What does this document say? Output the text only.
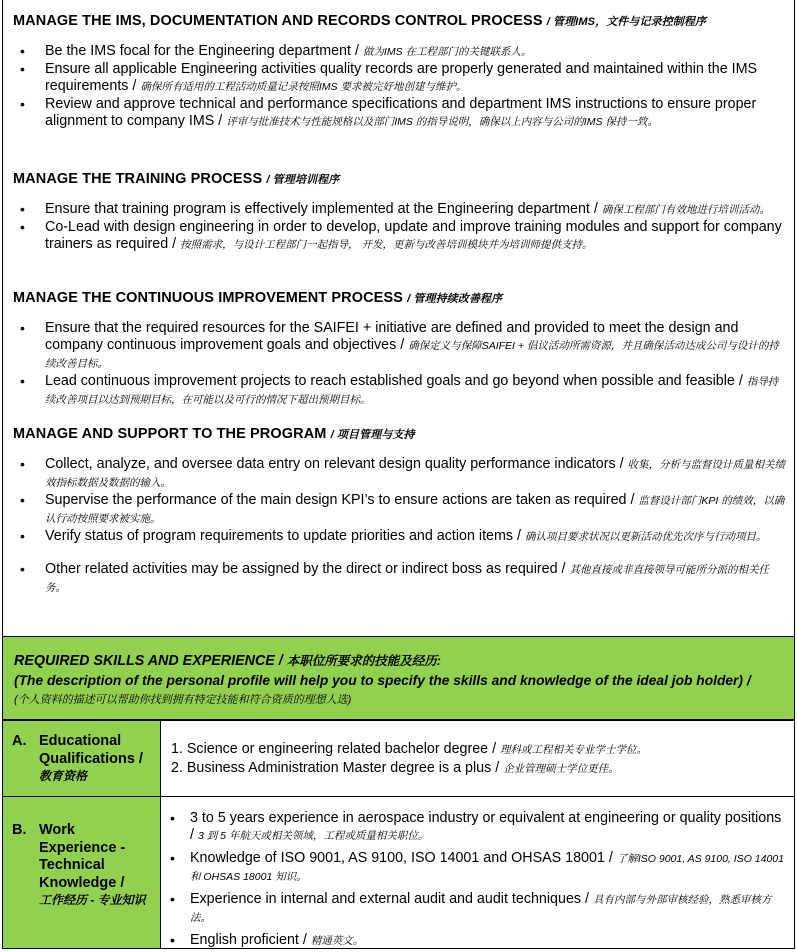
MANAGE THE IMS, DOCUMENTATION AND RECORDS CONTROL PROCESS / 管理IMS，文件与记录控制程序
• Be the IMS focal for the Engineering department / 做为IMS 在工程部门的关键联系人。
• Ensure all applicable Engineering activities quality records are properly generated and maintained within the IMS requirements / 确保所有适用的工程活动质量记录按照IMS 要求被完好地创建与维护。
• Review and approve technical and performance specifications and department IMS instructions to ensure proper alignment to company IMS / 评审与批准技术与性能规格以及部门IMS 的指导说明，确保以上内容与公司的IMS 保持一致。
MANAGE THE TRAINING PROCESS / 管理培训程序
• Ensure that training program is effectively implemented at the Engineering department / 确保工程部门有效地进行培训活动。
• Co-Lead with design engineering in order to develop, update and improve training modules and support for company trainers as required / 按照需求，与设计工程部门一起指导， 开发，更新与改善培训模块并为培训师提供支持。
MANAGE THE CONTINUOUS IMPROVEMENT PROCESS / 管理持续改善程序
• Ensure that the required resources for the SAIFEI + initiative are defined and provided to meet the design and company continuous improvement goals and objectives / 确保定义与保障SAIFEI + 倡议活动所需资源，并且确保活动达成公司与设计的持续改善目标。
• Lead continuous improvement projects to reach established goals and go beyond when possible and feasible / 指导持续改善项目以达到预期目标，在可能以及可行的情况下超出预期目标。
MANAGE AND SUPPORT TO THE PROGRAM / 项目管理与支持
• Collect, analyze, and oversee data entry on relevant design quality performance indicators / 收集，分析与监督设计质量相关绩效指标数据及数据的输入。
• Supervise the performance of the main design KPI’s to ensure actions are taken as required / 监督设计部门KPI 的绩效，以确认行动按照要求被实施。
• Verify status of program requirements to update priorities and action items / 确认项目要求状况以更新活动优先次序与行动项目。
• Other related activities may be assigned by the direct or indirect boss as required / 其他直接或非直接领导可能所分派的相关任务。
REQUIRED SKILLS AND EXPERIENCE / 本职位所要求的技能及经历:
(The description of the personal profile will help you to specify the skills and knowledge of the ideal job holder) /
(个人资料的描述可以帮助你找到拥有特定技能和符合资质的理想人选)
A. Educational Qualifications /
教育资格
1. Science or engineering related bachelor degree / 理科或工程相关专业学士学位。
2. Business Administration Master degree is a plus / 企业管理硕士学位更佳。
B. Work Experience - Technical Knowledge /
工作经历 - 专业知识
• 3 to 5 years experience in aerospace industry or equivalent at engineering or quality positions / 3 到 5 年航天或相关领域，工程或质量相关职位。
• Knowledge of ISO 9001, AS 9100, ISO 14001 and OHSAS 18001 / 了解ISO 9001, AS 9100, ISO 14001 和 OHSAS 18001 知识。
• Experience in internal and external audit and audit techniques / 具有内部与外部审核经验，熟悉审核方法。
• English proficient / 精通英文。
